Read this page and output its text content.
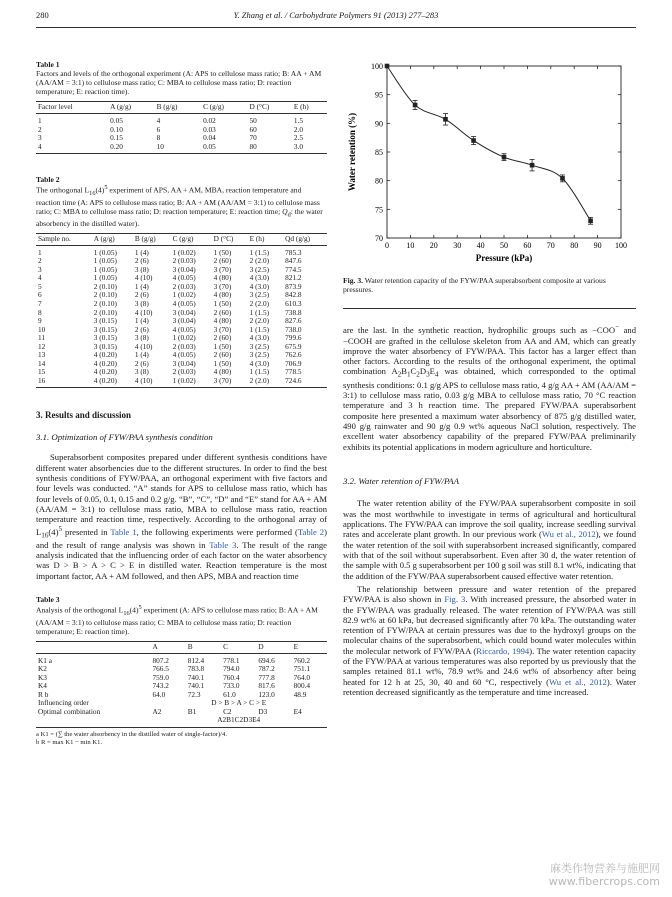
280	Y. Zhang et al. / Carbohydrate Polymers 91 (2013) 277–283
Table 1
Factors and levels of the orthogonal experiment (A: APS to cellulose mass ratio; B: AA + AM (AA/AM = 3:1) to cellulose mass ratio; C: MBA to cellulose mass ratio; D: reaction temperature; E: reaction time).
Factor level	A (g/g)	B (g/g)	C (g/g)	D (°C)	E (h)
1	0.05	4	0.02	50	1.5
2	0.10	6	0.03	60	2.0
3	0.15	8	0.04	70	2.5
4	0.20	10	0.05	80	3.0
Table 2
The orthogonal $L_{16}(4)^5$ experiment of APS, AA + AM, MBA, reaction temperature and reaction time (A: APS to cellulose mass ratio; B: AA + AM (AA/AM = 3:1) to cellulose mass ratio; C: MBA to cellulose mass ratio; D: reaction temperature; E: reaction time; $Q_d$: the water absorbency in the distilled water).
Sample no.	A (g/g)	B (g/g)	C (g/g)	D (°C)	E (h)	Qd (g/g)
1	1 (0.05)	1 (4)	1 (0.02)	1 (50)	1 (1.5)	785.3
2	1 (0.05)	2 (6)	2 (0.03)	2 (60)	2 (2.0)	847.6
3	1 (0.05)	3 (8)	3 (0.04)	3 (70)	3 (2.5)	774.5
4	1 (0.05)	4 (10)	4 (0.05)	4 (80)	4 (3.0)	821.2
5	2 (0.10)	1 (4)	2 (0.03)	3 (70)	4 (3.0)	873.9
6	2 (0.10)	2 (6)	1 (0.02)	4 (80)	3 (2.5)	842.8
7	2 (0.10)	3 (8)	4 (0.05)	1 (50)	2 (2.0)	610.3
8	2 (0.10)	4 (10)	3 (0.04)	2 (60)	1 (1.5)	738.8
9	3 (0.15)	1 (4)	3 (0.04)	4 (80)	2 (2.0)	827.6
10	3 (0.15)	2 (6)	4 (0.05)	3 (70)	1 (1.5)	738.0
11	3 (0.15)	3 (8)	1 (0.02)	2 (60)	4 (3.0)	799.6
12	3 (0.15)	4 (10)	2 (0.03)	1 (50)	3 (2.5)	675.9
13	4 (0.20)	1 (4)	4 (0.05)	2 (60)	3 (2.5)	762.6
14	4 (0.20)	2 (6)	3 (0.04)	1 (50)	4 (3.0)	706.9
15	4 (0.20)	3 (8)	2 (0.03)	4 (80)	1 (1.5)	778.5
16	4 (0.20)	4 (10)	1 (0.02)	3 (70)	2 (2.0)	724.6
3. Results and discussion
3.1. Optimization of FYW/PAA synthesis condition

Superabsorbent composites prepared under different synthesis conditions have different water absorbencies due to the different structures. In order to find the best synthesis conditions of FYW/PAA, an orthogonal experiment with five factors and four levels was conducted. “A” stands for APS to cellulose mass ratio, which has four levels of 0.05, 0.1, 0.15 and 0.2 g/g. “B”, “C”, “D” and “E” stand for AA + AM (AA/AM = 3:1) to cellulose mass ratio, MBA to cellulose mass ratio, reaction temperature and reaction time, respectively. According to the orthogonal array of $L_{16}(4)^5$ presented in Table 1, the following experiments were performed (Table 2) and the result of range analysis was shown in Table 3. The result of the range analysis indicated that the influencing order of each factor on the water absorbency was D > B > A > C > E in distilled water. Reaction temperature is the most important factor, AA + AM followed, and then APS, MBA and reaction time

Table 3
Analysis of the orthogonal $L_{16}(4)^5$ experiment (A: APS to cellulose mass ratio; B: AA + AM (AA/AM = 3:1) to cellulose mass ratio; C: MBA to cellulose mass ratio; D: reaction temperature; E: reaction time).
	A	B	C	D	E
K1 a	807.2	812.4	778.1	694.6	760.2
K2	766.5	783.8	794.0	787.2	751.1
K3	759.0	740.1	760.4	777.8	764.0
K4	743.2	740.1	733.0	817.6	800.4
R b	64.0	72.3	61.0	123.0	48.9
Influencing order	D > B > A > C > E				
Optimal combination	A2	B1	C2	D3	E4
	A2B1C2D3E4				
a K1 = (∑ the water absorbency in the distilled water of single-factor)/4.
b R = max K1 − min K1.
0 10 20 30 40 50 60 70 80 90 100
70
75
80
85
90
95
100
Pressure (kPa)
Water retention (%)
Fig. 3. Water retention capacity of the FYW/PAA superabsorbent composite at various pressures.

are the last. In the synthetic reaction, hydrophilic groups such as −COO− and −COOH are grafted in the cellulose skeleton from AA and AM, which can greatly improve the water absorbency of FYW/PAA. This factor has a larger effect than other factors. According to the results of the orthogonal experiment, the optimal combination $A_2B_1C_2D_3E_4$ was obtained, which corresponded to the optimal synthesis conditions: 0.1 g/g APS to cellulose mass ratio, 4 g/g AA + AM (AA/AM = 3:1) to cellulose mass ratio, 0.03 g/g MBA to cellulose mass ratio, 70 °C reaction temperature and 3 h reaction time. The prepared FYW/PAA superabsorbent composite here presented a maximum water absorbency of 875 g/g distilled water, 490 g/g rainwater and 90 g/g 0.9 wt% aqueous NaCl solution, respectively. The excellent water absorbency capability of the prepared FYW/PAA preliminarily exhibits its potential applications in modern agriculture and horticulture.

3.2. Water retention of FYW/PAA

The water retention ability of the FYW/PAA superabsorbent composite in soil was the most worthwhile to investigate in terms of agricultural and horticultural applications. The FYW/PAA can improve the soil quality, increase seedling survival rates and accelerate plant growth. In our previous work (Wu et al., 2012), we found the water retention of the soil with superabsorbent increased significantly, compared with that of the soil without superabsorbent. Even after 30 d, the water retention of the sample with 0.5 g superabsorbent per 100 g soil was still 8.1 wt%, indicating that the addition of the FYW/PAA superabsorbent caused effective water retention.

The relationship between pressure and water retention of the prepared FYW/PAA is also shown in Fig. 3. With increased pressure, the absorbed water in the FYW/PAA was gradually released. The water retention of FYW/PAA was still 82.9 wt% at 60 kPa, but decreased significantly after 70 kPa. The outstanding water retention of FYW/PAA at certain pressures was due to the hydroxyl groups on the molecular chains of the superabsorbent, which could bound water molecules within the molecular network of FYW/PAA (Riccardo, 1994). The water retention capacity of the FYW/PAA at various temperatures was also reported by us previously that the samples retained 81.1 wt%, 78.9 wt% and 24.6 wt% of absorbency after being heated for 12 h at 25, 30, 40 and 60 °C, respectively (Wu et al., 2012). Water retention decreased significantly as the temperature and time increased.

麻类作物营养与施肥网
www.fibercrops.com
